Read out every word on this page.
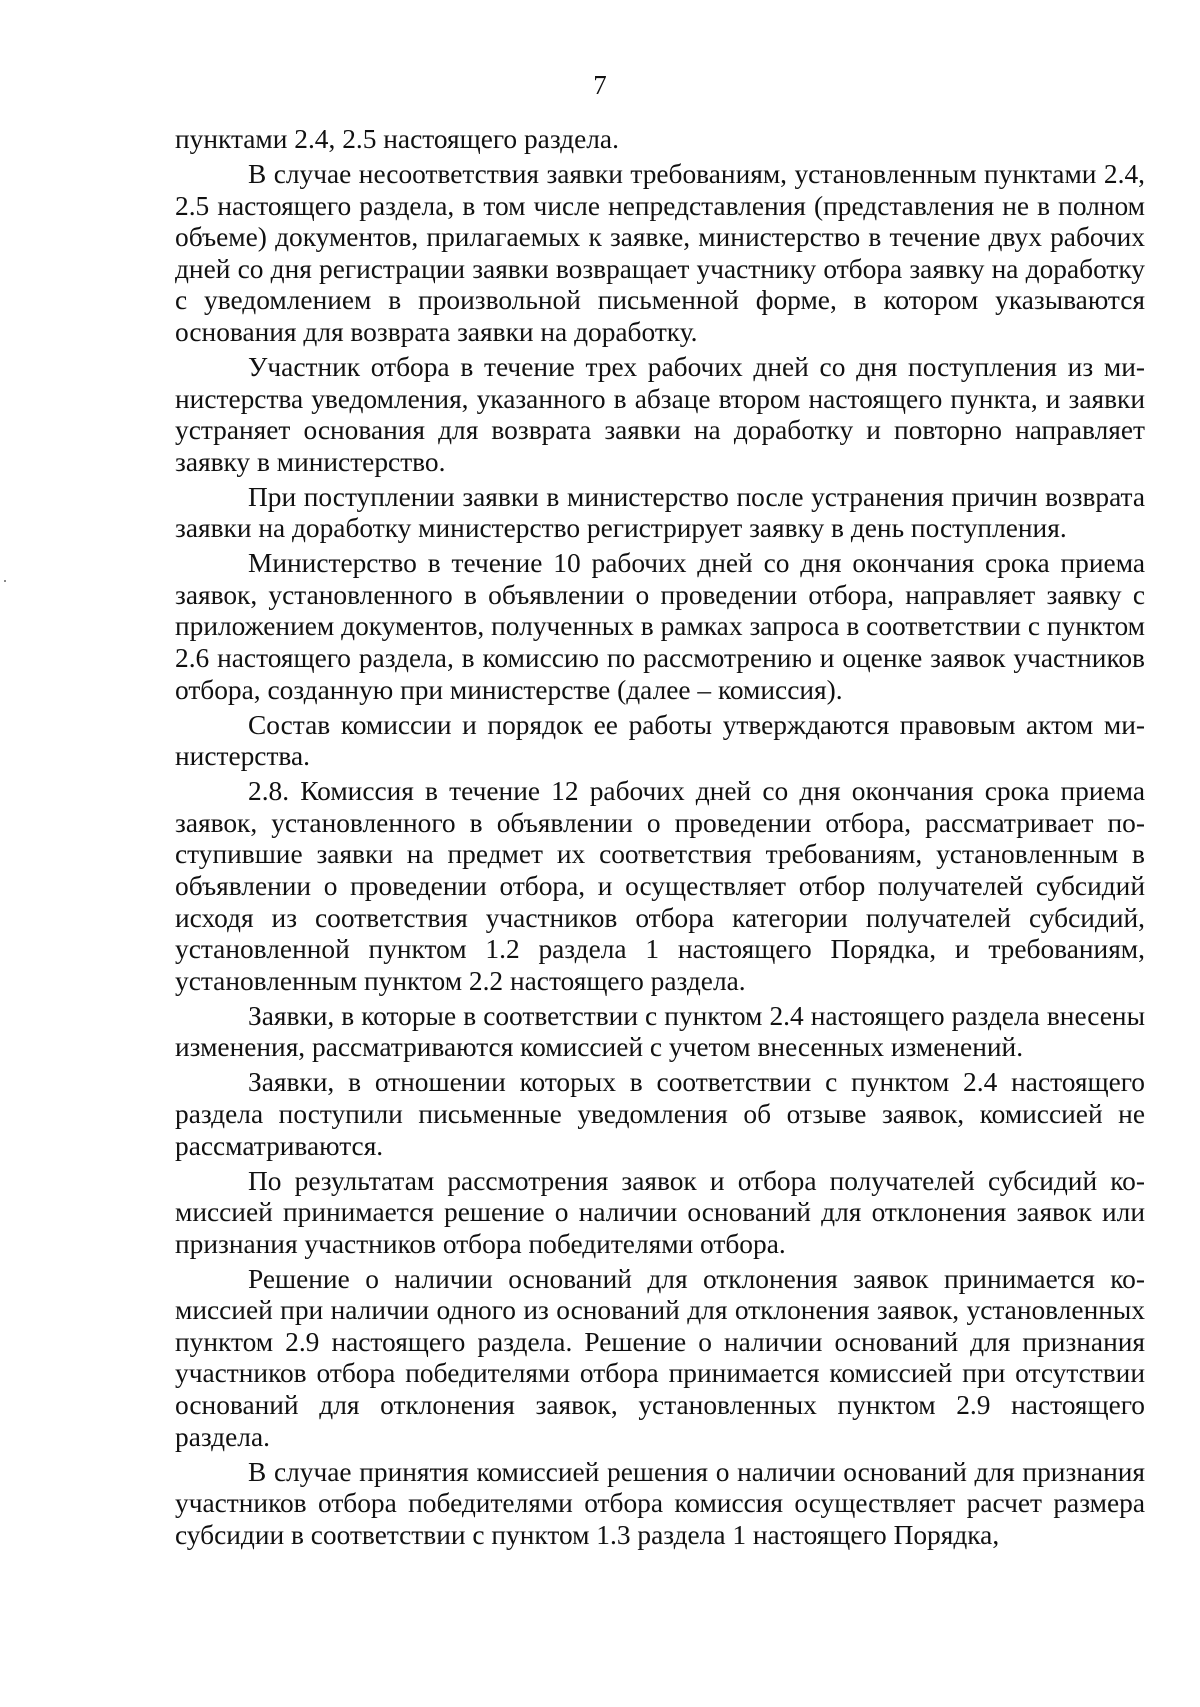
7

пунктами 2.4, 2.5 настоящего раздела.

В случае несоответствия заявки требованиям, установленным пунктами 2.4, 2.5 настоящего раздела, в том числе непредставления (представления не в полном объеме) документов, прилагаемых к заявке, министерство в течение двух рабочих дней со дня регистрации заявки возвращает участнику отбора заявку на доработку с уведомлением в произвольной письменной форме, в котором указываются основания для возврата заявки на доработку.

Участник отбора в течение трех рабочих дней со дня поступления из министерства уведомления, указанного в абзаце втором настоящего пункта, и заявки устраняет основания для возврата заявки на доработку и повторно направляет заявку в министерство.

При поступлении заявки в министерство после устранения причин возврата заявки на доработку министерство регистрирует заявку в день поступления.

Министерство в течение 10 рабочих дней со дня окончания срока приема заявок, установленного в объявлении о проведении отбора, направляет заявку с приложением документов, полученных в рамках запроса в соответствии с пунктом 2.6 настоящего раздела, в комиссию по рассмотрению и оценке заявок участников отбора, созданную при министерстве (далее – комиссия).

Состав комиссии и порядок ее работы утверждаются правовым актом министерства.

2.8. Комиссия в течение 12 рабочих дней со дня окончания срока приема заявок, установленного в объявлении о проведении отбора, рассматривает поступившие заявки на предмет их соответствия требованиям, установленным в объявлении о проведении отбора, и осуществляет отбор получателей субсидий исходя из соответствия участников отбора категории получателей субсидий, установленной пунктом 1.2 раздела 1 настоящего Порядка, и требованиям, установленным пунктом 2.2 настоящего раздела.

Заявки, в которые в соответствии с пунктом 2.4 настоящего раздела внесены изменения, рассматриваются комиссией с учетом внесенных изменений.

Заявки, в отношении которых в соответствии с пунктом 2.4 настоящего раздела поступили письменные уведомления об отзыве заявок, комиссией не рассматриваются.

По результатам рассмотрения заявок и отбора получателей субсидий комиссией принимается решение о наличии оснований для отклонения заявок или признания участников отбора победителями отбора.

Решение о наличии оснований для отклонения заявок принимается комиссией при наличии одного из оснований для отклонения заявок, установленных пунктом 2.9 настоящего раздела. Решение о наличии оснований для признания участников отбора победителями отбора принимается комиссией при отсутствии оснований для отклонения заявок, установленных пунктом 2.9 настоящего раздела.

В случае принятия комиссией решения о наличии оснований для признания участников отбора победителями отбора комиссия осуществляет расчет размера субсидии в соответствии с пунктом 1.3 раздела 1 настоящего Порядка,
